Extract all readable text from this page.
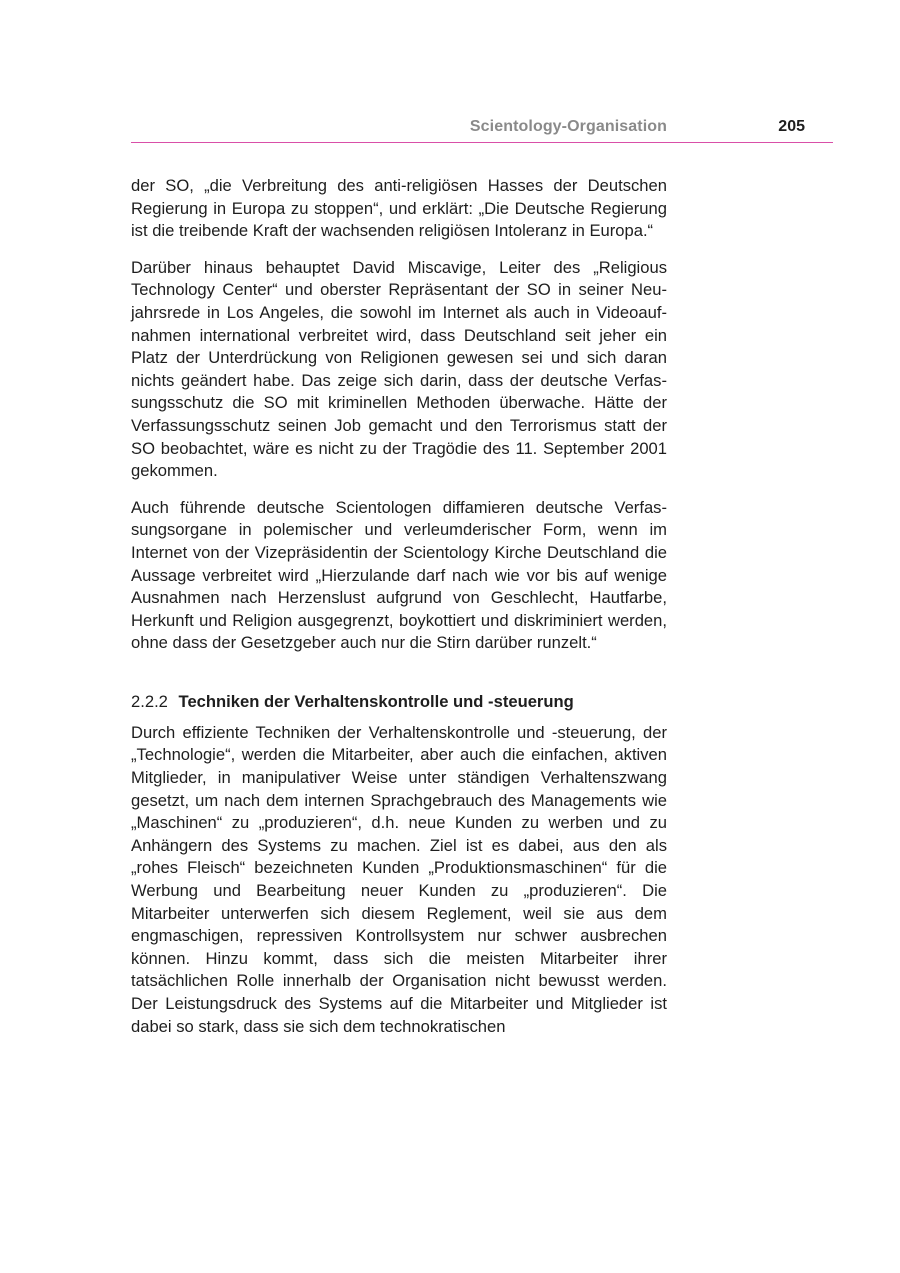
Scientology-Organisation	205

der SO, „die Verbreitung des anti-religiösen Hasses der Deutschen Regierung in Europa zu stoppen“, und erklärt: „Die Deutsche Regierung ist die treibende Kraft der wachsenden religiösen Intoleranz in Europa.“

Darüber hinaus behauptet David Miscavige, Leiter des „Religious Technology Center“ und oberster Repräsentant der SO in seiner Neujahrsrede in Los Angeles, die sowohl im Internet als auch in Videoaufnahmen international verbreitet wird, dass Deutschland seit jeher ein Platz der Unterdrückung von Religionen gewesen sei und sich daran nichts geändert habe. Das zeige sich darin, dass der deutsche Verfassungsschutz die SO mit kriminellen Methoden überwache. Hätte der Verfassungsschutz seinen Job gemacht und den Terrorismus statt der SO beobachtet, wäre es nicht zu der Tragödie des 11. September 2001 gekommen.

Auch führende deutsche Scientologen diffamieren deutsche Verfassungsorgane in polemischer und verleumderischer Form, wenn im Internet von der Vizepräsidentin der Scientology Kirche Deutschland die Aussage verbreitet wird „Hierzulande darf nach wie vor bis auf wenige Ausnahmen nach Herzenslust aufgrund von Geschlecht, Hautfarbe, Herkunft und Religion ausgegrenzt, boykottiert und diskriminiert werden, ohne dass der Gesetzgeber auch nur die Stirn darüber runzelt.“

2.2.2 Techniken der Verhaltenskontrolle und -steuerung

Durch effiziente Techniken der Verhaltenskontrolle und -steuerung, der „Technologie“, werden die Mitarbeiter, aber auch die einfachen, aktiven Mitglieder, in manipulativer Weise unter ständigen Verhaltenszwang gesetzt, um nach dem internen Sprachgebrauch des Managements wie „Maschinen“ zu „produzieren“, d.h. neue Kunden zu werben und zu Anhängern des Systems zu machen. Ziel ist es dabei, aus den als „rohes Fleisch“ bezeichneten Kunden „Produktionsmaschinen“ für die Werbung und Bearbeitung neuer Kunden zu „produzieren“. Die Mitarbeiter unterwerfen sich diesem Reglement, weil sie aus dem engmaschigen, repressiven Kontrollsystem nur schwer ausbrechen können. Hinzu kommt, dass sich die meisten Mitarbeiter ihrer tatsächlichen Rolle innerhalb der Organisation nicht bewusst werden. Der Leistungsdruck des Systems auf die Mitarbeiter und Mitglieder ist dabei so stark, dass sie sich dem technokratischen
